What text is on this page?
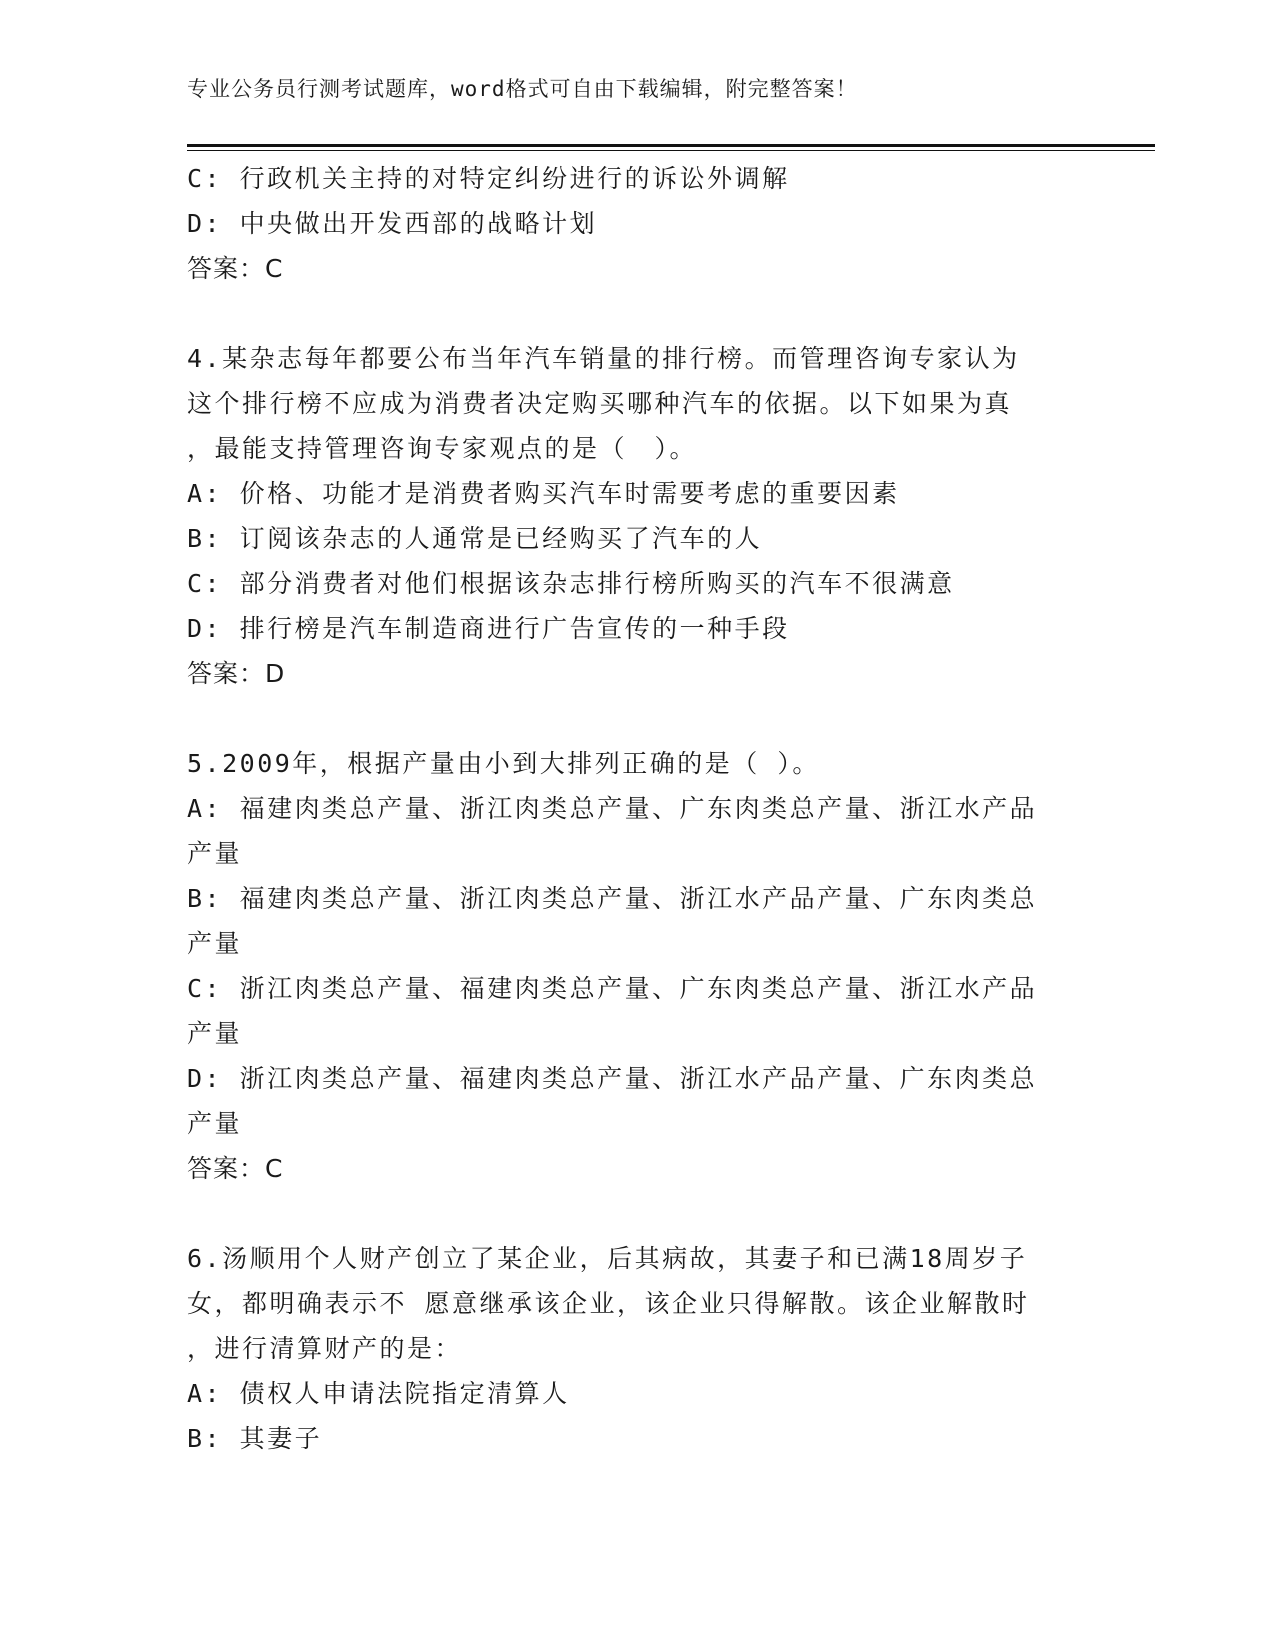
专业公务员行测考试题库，word格式可自由下载编辑，附完整答案！
C: 行政机关主持的对特定纠纷进行的诉讼外调解
D: 中央做出开发西部的战略计划
答案：C
4.某杂志每年都要公布当年汽车销量的排行榜。而管理咨询专家认为
这个排行榜不应成为消费者决定购买哪种汽车的依据。以下如果为真
，最能支持管理咨询专家观点的是（　）。
A: 价格、功能才是消费者购买汽车时需要考虑的重要因素
B: 订阅该杂志的人通常是已经购买了汽车的人
C: 部分消费者对他们根据该杂志排行榜所购买的汽车不很满意
D: 排行榜是汽车制造商进行广告宣传的一种手段
答案：D
5.2009年，根据产量由小到大排列正确的是（ ）。
A: 福建肉类总产量、浙江肉类总产量、广东肉类总产量、浙江水产品
产量
B: 福建肉类总产量、浙江肉类总产量、浙江水产品产量、广东肉类总
产量
C: 浙江肉类总产量、福建肉类总产量、广东肉类总产量、浙江水产品
产量
D: 浙江肉类总产量、福建肉类总产量、浙江水产品产量、广东肉类总
产量
答案：C
6.汤顺用个人财产创立了某企业，后其病故，其妻子和已满18周岁子
女，都明确表示不 愿意继承该企业，该企业只得解散。该企业解散时
，进行清算财产的是：
A: 债权人申请法院指定清算人
B: 其妻子
